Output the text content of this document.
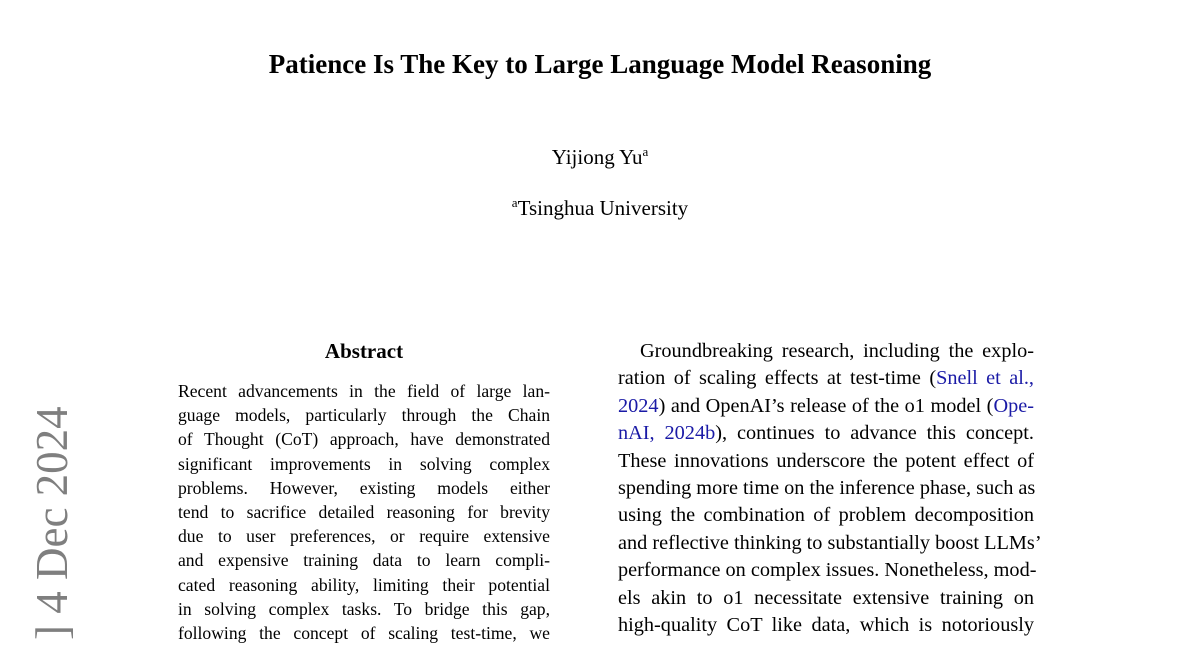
] 4 Dec 2024
Patience Is The Key to Large Language Model Reasoning
Yijiong Yu$^a$
$^a$Tsinghua University
Abstract
Recent advancements in the field of large lan-
guage models, particularly through the Chain
of Thought (CoT) approach, have demonstrated
significant improvements in solving complex
problems. However, existing models either
tend to sacrifice detailed reasoning for brevity
due to user preferences, or require extensive
and expensive training data to learn compli-
cated reasoning ability, limiting their potential
in solving complex tasks. To bridge this gap,
following the concept of scaling test-time, we
Groundbreaking research, including the explo-
ration of scaling effects at test-time (Snell et al.,
2024) and OpenAI’s release of the o1 model (Ope-
nAI, 2024b), continues to advance this concept.
These innovations underscore the potent effect of
spending more time on the inference phase, such as
using the combination of problem decomposition
and reflective thinking to substantially boost LLMs’
performance on complex issues. Nonetheless, mod-
els akin to o1 necessitate extensive training on
high-quality CoT like data, which is notoriously
